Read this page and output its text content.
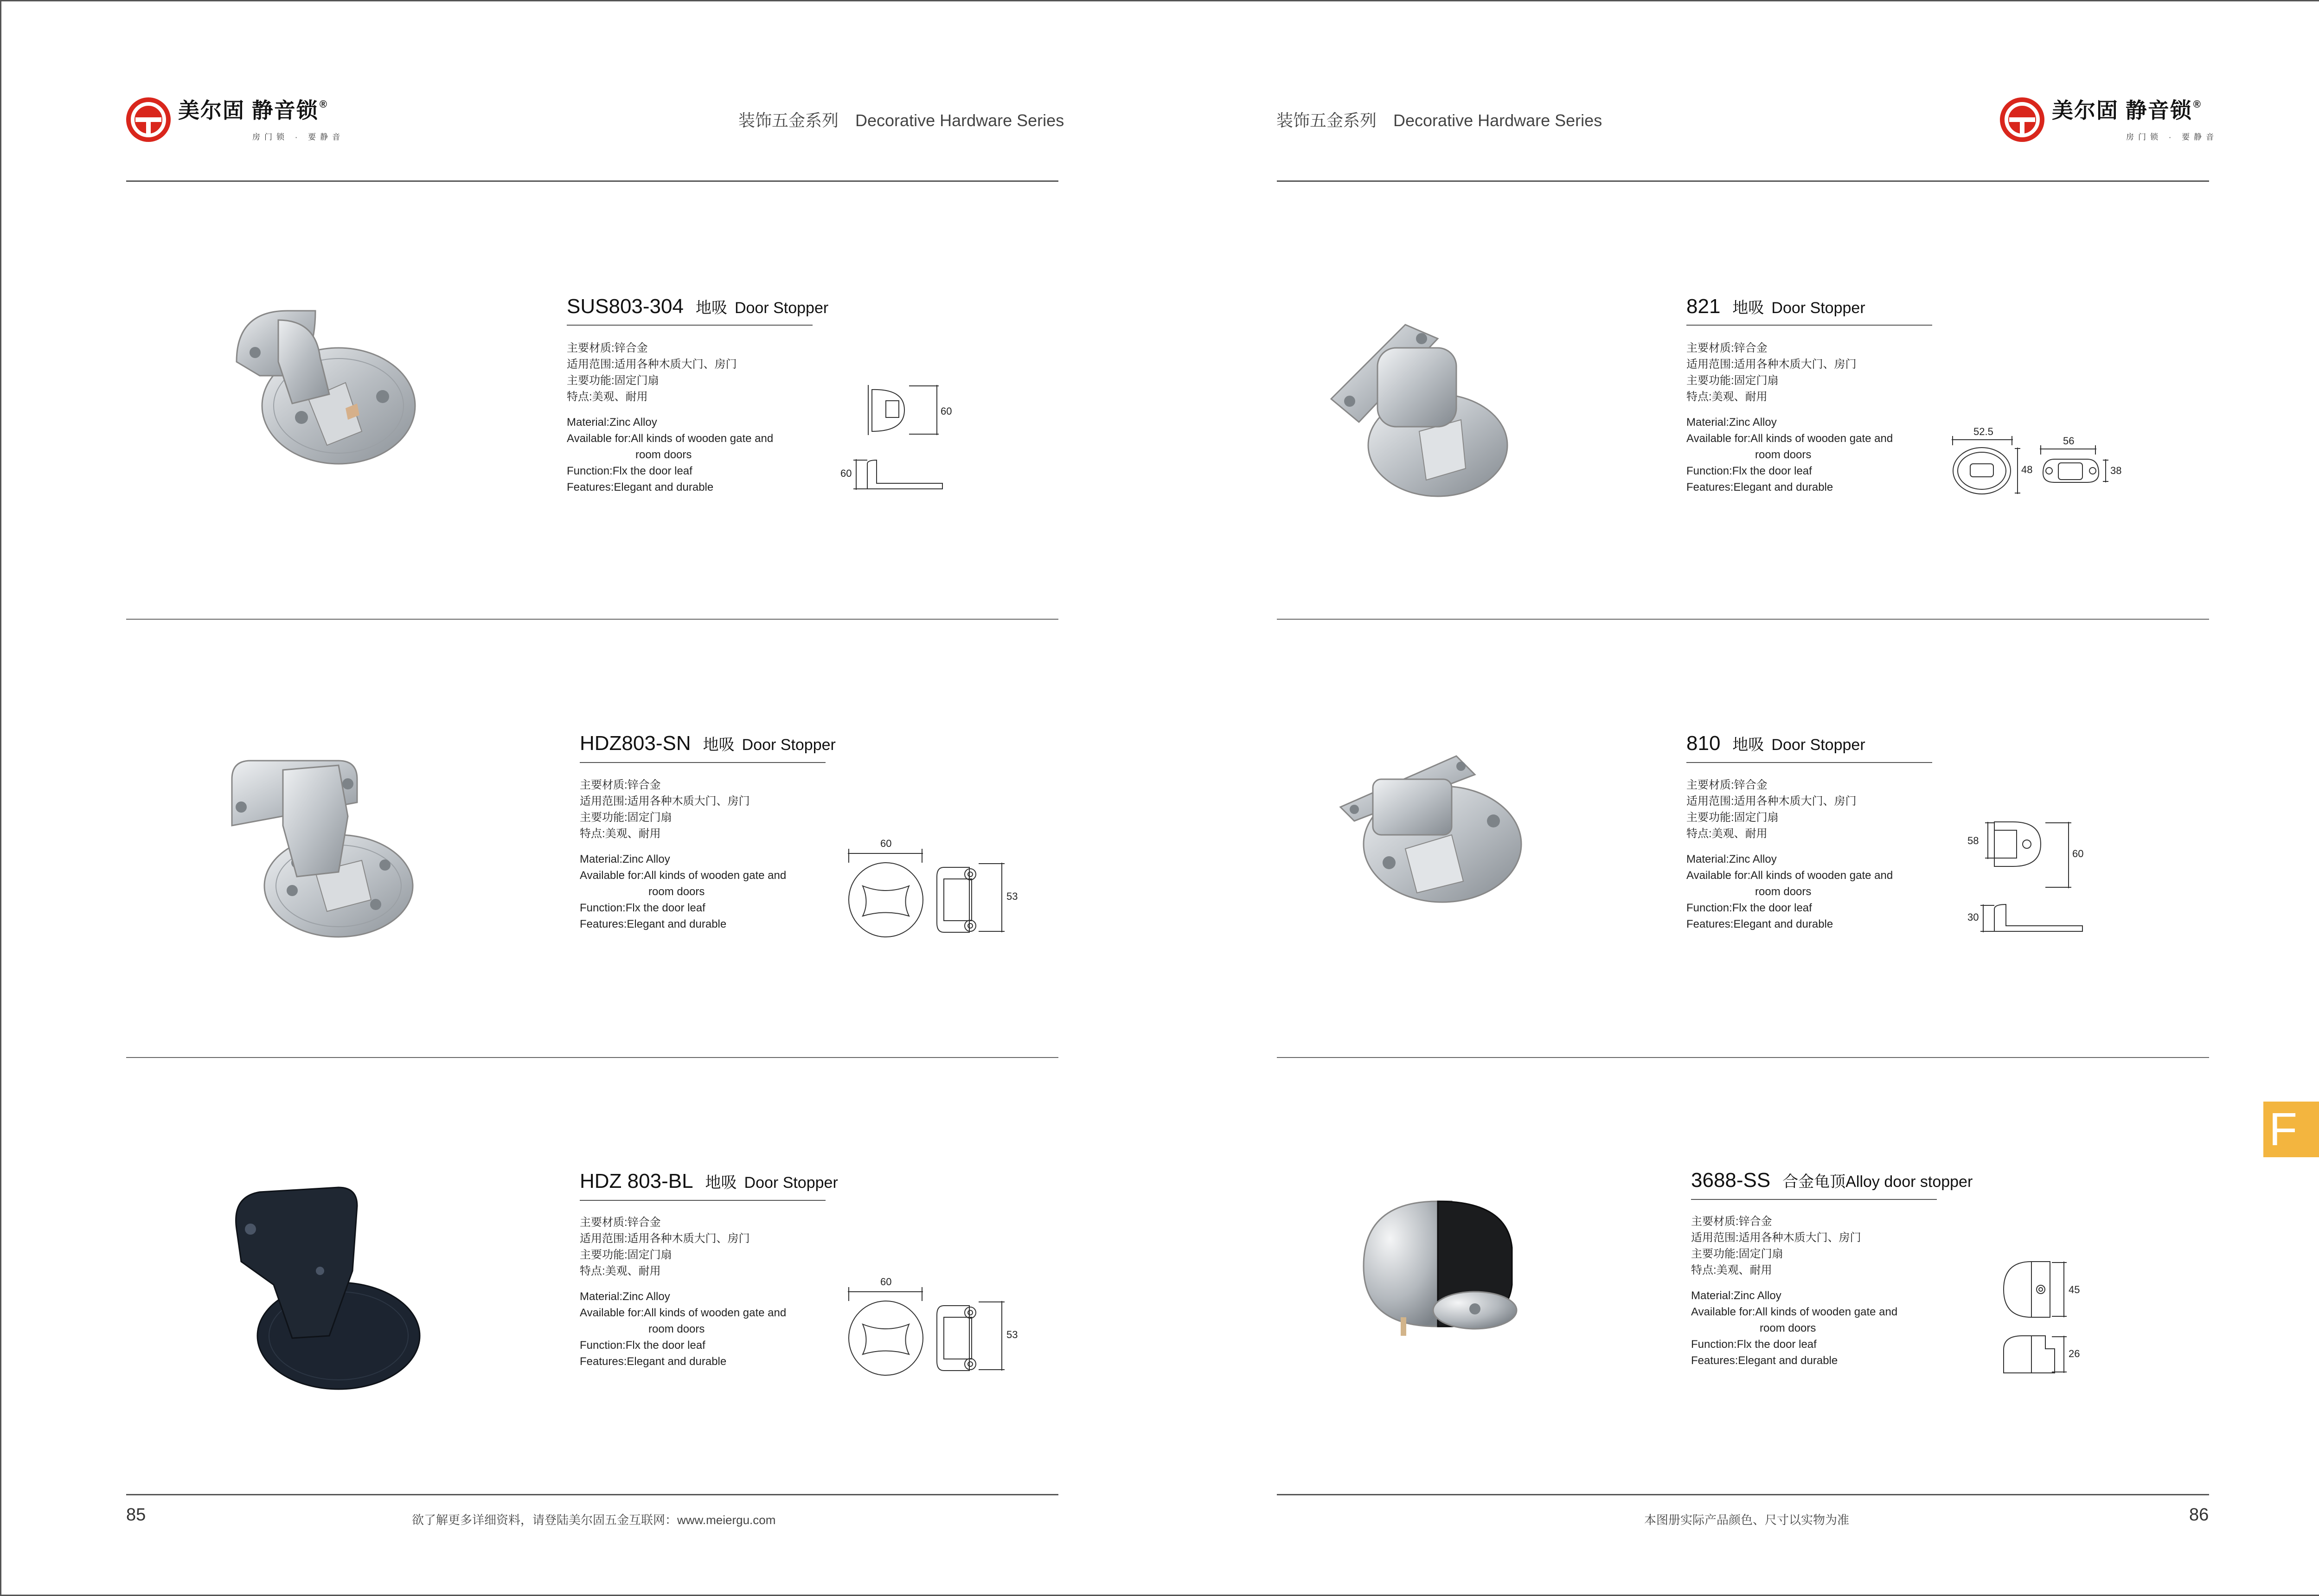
美尔固 静音锁®
房门锁 · 要静音
装饰五金系列 Decorative Hardware Series
SUS803-304 地吸 Door Stopper
主要材质:锌合金
适用范围:适用各种木质大门、房门
主要功能:固定门扇
特点:美观、耐用
Material:Zinc Alloy
Available for:All kinds of wooden gate and
room doors
Function:Flx the door leaf
Features:Elegant and durable
60
60
HDZ803-SN 地吸 Door Stopper
主要材质:锌合金
适用范围:适用各种木质大门、房门
主要功能:固定门扇
特点:美观、耐用
Material:Zinc Alloy
Available for:All kinds of wooden gate and
room doors
Function:Flx the door leaf
Features:Elegant and durable
60
53
HDZ 803-BL 地吸 Door Stopper
主要材质:锌合金
适用范围:适用各种木质大门、房门
主要功能:固定门扇
特点:美观、耐用
Material:Zinc Alloy
Available for:All kinds of wooden gate and
room doors
Function:Flx the door leaf
Features:Elegant and durable
60
53
85	欲了解更多详细资料，请登陆美尔固五金互联网：www.meiergu.com
装饰五金系列 Decorative Hardware Series	美尔固 静音锁®
房门锁 · 要静音
821 地吸 Door Stopper
主要材质:锌合金
适用范围:适用各种木质大门、房门
主要功能:固定门扇
特点:美观、耐用
Material:Zinc Alloy
Available for:All kinds of wooden gate and
room doors
Function:Flx the door leaf
Features:Elegant and durable
52.5
48
56
38
810 地吸 Door Stopper
主要材质:锌合金
适用范围:适用各种木质大门、房门
主要功能:固定门扇
特点:美观、耐用
Material:Zinc Alloy
Available for:All kinds of wooden gate and
room doors
Function:Flx the door leaf
Features:Elegant and durable
58
60
30
3688-SS 合金龟顶Alloy door stopper
主要材质:锌合金
适用范围:适用各种木质大门、房门
主要功能:固定门扇
特点:美观、耐用
Material:Zinc Alloy
Available for:All kinds of wooden gate and
room doors
Function:Flx the door leaf
Features:Elegant and durable
45
26
本图册实际产品颜色、尺寸以实物为准	86
F
